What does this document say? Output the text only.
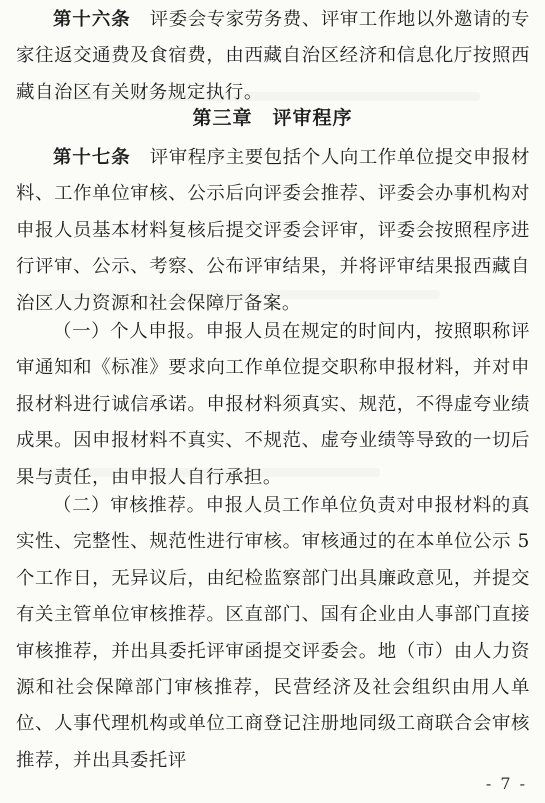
第十六条　评委会专家劳务费、评审工作地以外邀请的专家往返交通费及食宿费，由西藏自治区经济和信息化厅按照西藏自治区有关财务规定执行。

第三章　评审程序

第十七条　评审程序主要包括个人向工作单位提交申报材料、工作单位审核、公示后向评委会推荐、评委会办事机构对申报人员基本材料复核后提交评委会评审，评委会按照程序进行评审、公示、考察、公布评审结果，并将评审结果报西藏自治区人力资源和社会保障厅备案。

（一）个人申报。申报人员在规定的时间内，按照职称评审通知和《标准》要求向工作单位提交职称申报材料，并对申报材料进行诚信承诺。申报材料须真实、规范，不得虚夸业绩成果。因申报材料不真实、不规范、虚夸业绩等导致的一切后果与责任，由申报人自行承担。

（二）审核推荐。申报人员工作单位负责对申报材料的真实性、完整性、规范性进行审核。审核通过的在本单位公示 5 个工作日，无异议后，由纪检监察部门出具廉政意见，并提交有关主管单位审核推荐。区直部门、国有企业由人事部门直接审核推荐，并出具委托评审函提交评委会。地（市）由人力资源和社会保障部门审核推荐，民营经济及社会组织由用人单位、人事代理机构或单位工商登记注册地同级工商联合会审核推荐，并出具委托评

- 7 -
